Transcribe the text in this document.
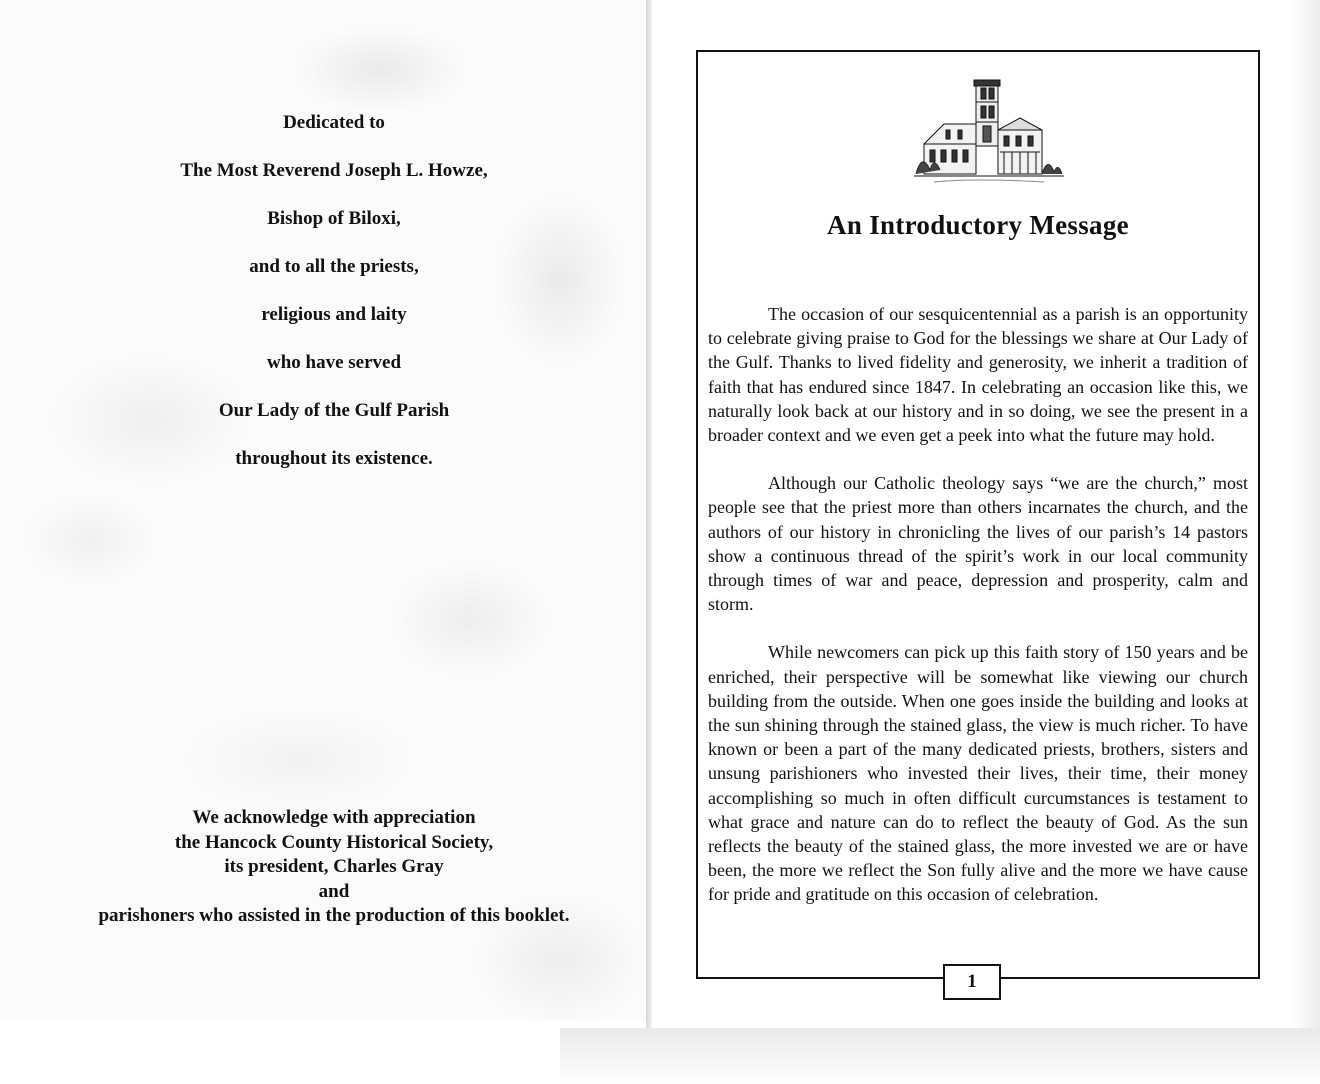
Dedicated to
The Most Reverend Joseph L. Howze,
Bishop of Biloxi,
and to all the priests,
religious and laity
who have served
Our Lady of the Gulf Parish
throughout its existence.
We acknowledge with appreciation
the Hancock County Historical Society,
its president, Charles Gray
and
parishoners who assisted in the production of this booklet.
An Introductory Message

The occasion of our sesquicentennial as a parish is an opportunity to celebrate giving praise to God for the blessings we share at Our Lady of the Gulf. Thanks to lived fidelity and generosity, we inherit a tradition of faith that has endured since 1847. In celebrating an occasion like this, we naturally look back at our history and in so doing, we see the present in a broader context and we even get a peek into what the future may hold.

Although our Catholic theology says “we are the church,” most people see that the priest more than others incarnates the church, and the authors of our history in chronicling the lives of our parish’s 14 pastors show a continuous thread of the spirit’s work in our local community through times of war and peace, depression and prosperity, calm and storm.

While newcomers can pick up this faith story of 150 years and be enriched, their perspective will be somewhat like viewing our church building from the outside. When one goes inside the building and looks at the sun shining through the stained glass, the view is much richer. To have known or been a part of the many dedicated priests, brothers, sisters and unsung parishioners who invested their lives, their time, their money accomplishing so much in often difficult curcumstances is testament to what grace and nature can do to reflect the beauty of God. As the sun reflects the beauty of the stained glass, the more invested we are or have been, the more we reflect the Son fully alive and the more we have cause for pride and gratitude on this occasion of celebration.

1
